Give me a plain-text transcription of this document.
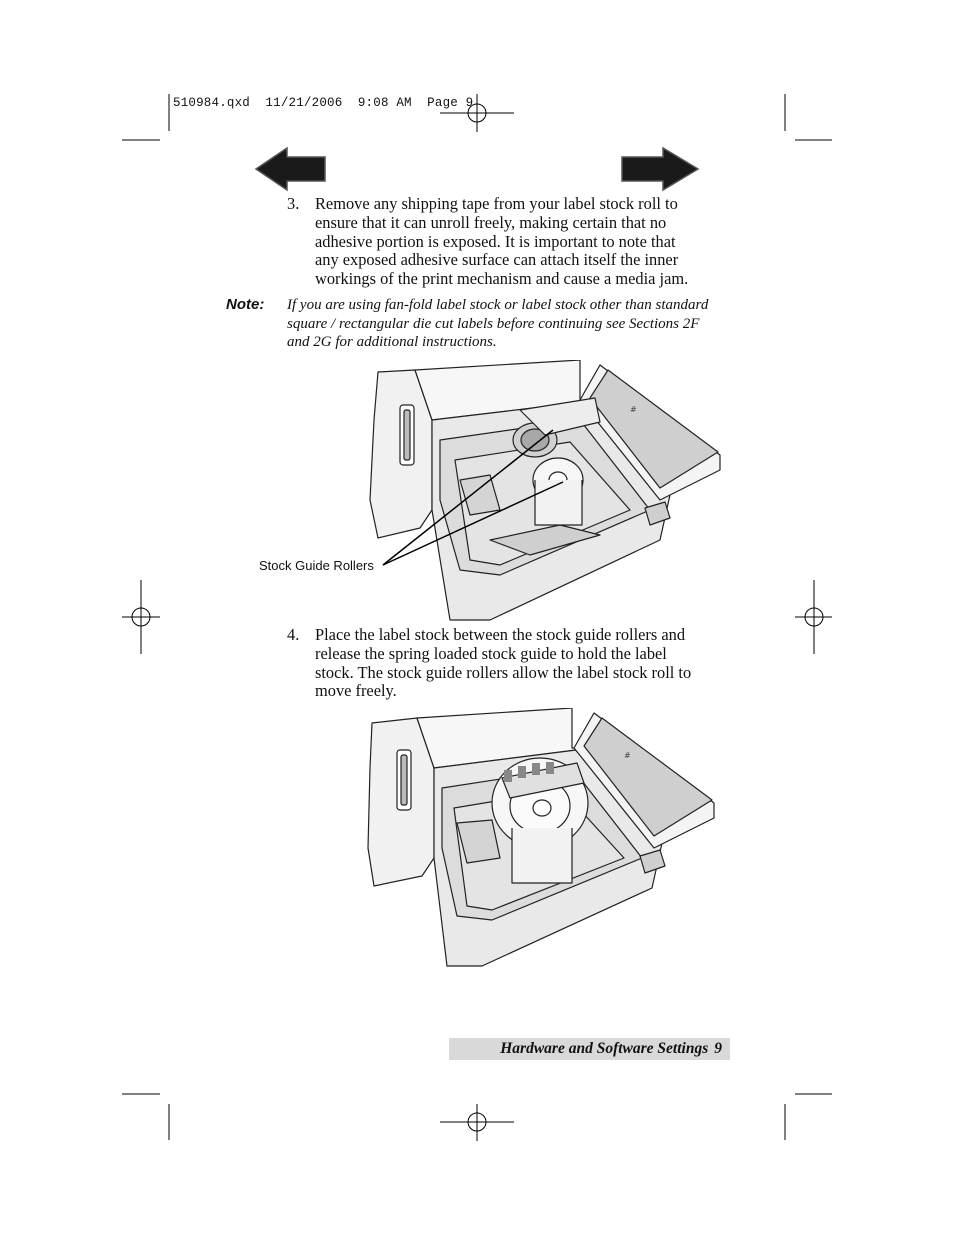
510984.qxd 11/21/2006 9:08 AM Page 9
3. Remove any shipping tape from your label stock roll to
ensure that it can unroll freely, making certain that no
adhesive portion is exposed. It is important to note that
any exposed adhesive surface can attach itself the inner
workings of the print mechanism and cause a media jam.
Note: If you are using fan-fold label stock or label stock other than standard
square / rectangular die cut labels before continuing see Sections 2F
and 2G for additional instructions.
#
Stock Guide Rollers
4. Place the label stock between the stock guide rollers and
release the spring loaded stock guide to hold the label
stock. The stock guide rollers allow the label stock roll to
move freely.
#
Hardware and Software Settings 9
